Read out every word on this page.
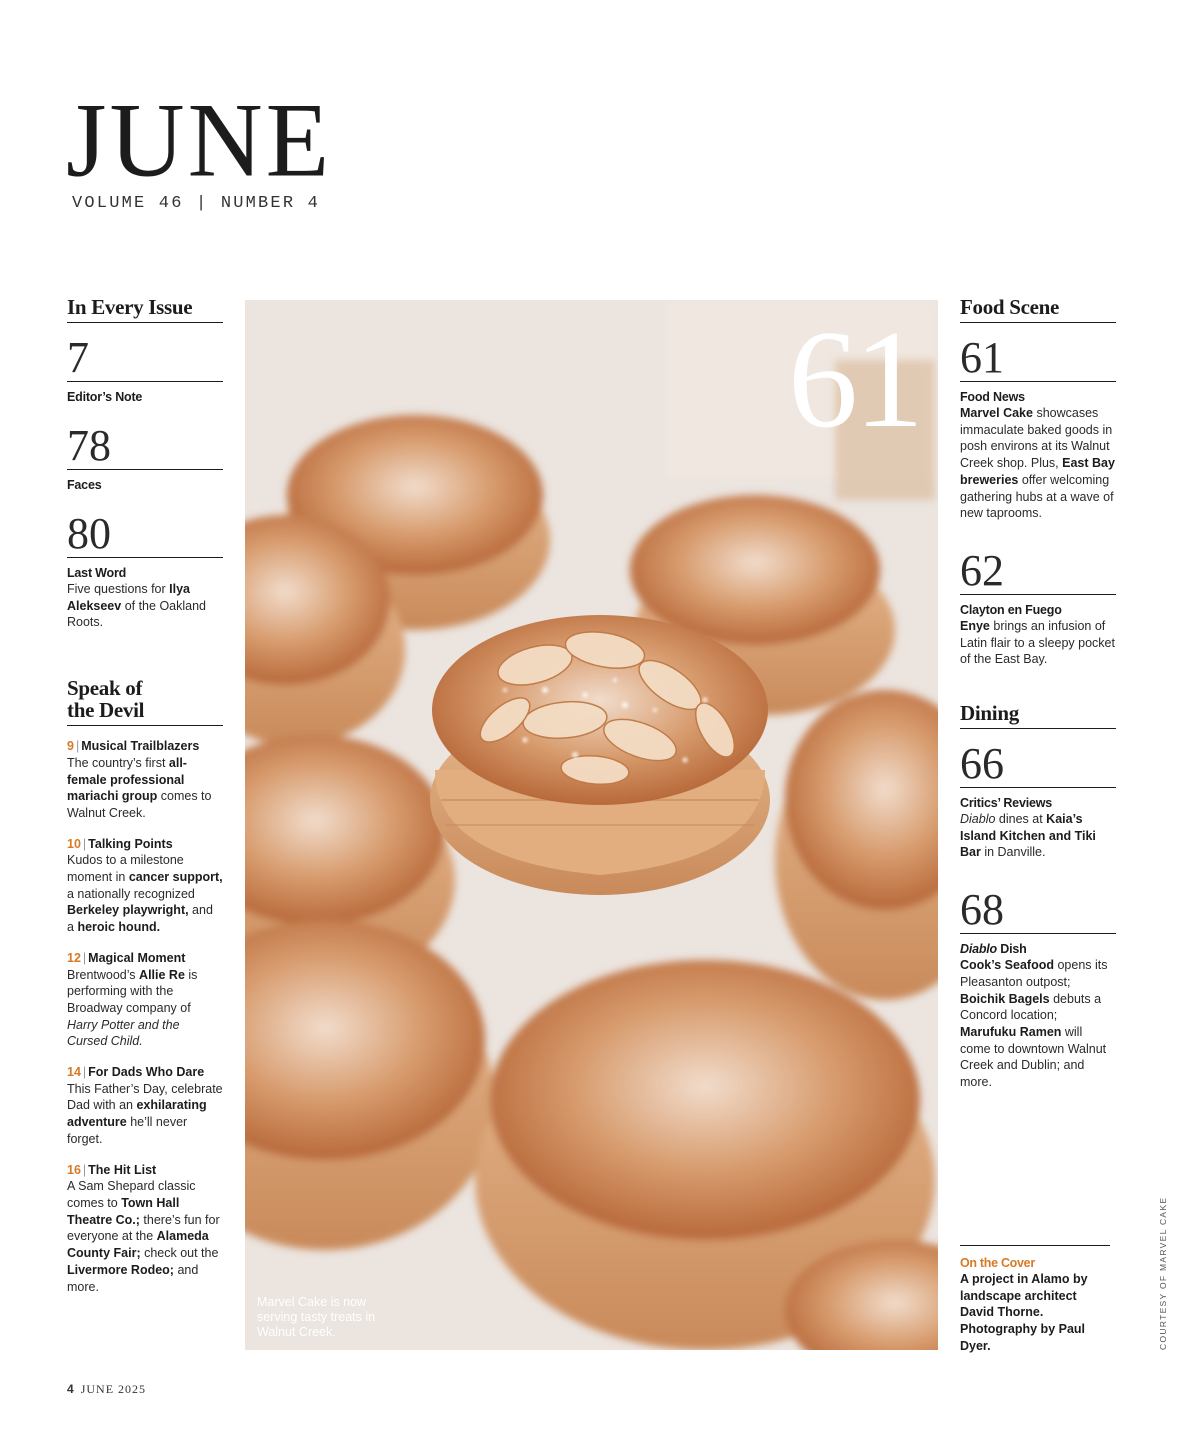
JUNE
VOLUME 46 | NUMBER 4
In Every Issue
7
Editor’s Note
78
Faces
80
Last Word
Five questions for Ilya Alekseev of the Oakland Roots.
Speak of
the Devil
9 | Musical Trailblazers
The country’s first all-female professional mariachi group comes to Walnut Creek.
10 | Talking Points
Kudos to a milestone moment in cancer support, a nationally recognized Berkeley playwright, and a heroic hound.
12 | Magical Moment
Brentwood’s Allie Re is performing with the Broadway company of Harry Potter and the Cursed Child.
14 | For Dads Who Dare
This Father’s Day, celebrate Dad with an exhilarating adventure he’ll never forget.
16 | The Hit List
A Sam Shepard classic comes to Town Hall Theatre Co.; there’s fun for everyone at the Alameda County Fair; check out the Livermore Rodeo; and more.
61
Marvel Cake is now serving tasty treats in Walnut Creek.
Food Scene
61
Food News
Marvel Cake showcases immaculate baked goods in posh environs at its Walnut Creek shop. Plus, East Bay breweries offer welcoming gathering hubs at a wave of new taprooms.
62
Clayton en Fuego
Enye brings an infusion of Latin flair to a sleepy pocket of the East Bay.
Dining
66
Critics’ Reviews
Diablo dines at Kaia’s Island Kitchen and Tiki Bar in Danville.
68
Diablo Dish
Cook’s Seafood opens its Pleasanton outpost; Boichik Bagels debuts a Concord location; Marufuku Ramen will come to downtown Walnut Creek and Dublin; and more.
On the Cover
A project in Alamo by landscape architect David Thorne. Photography by Paul Dyer.	COURTESY OF MARVEL CAKE
4 JUNE 2025
